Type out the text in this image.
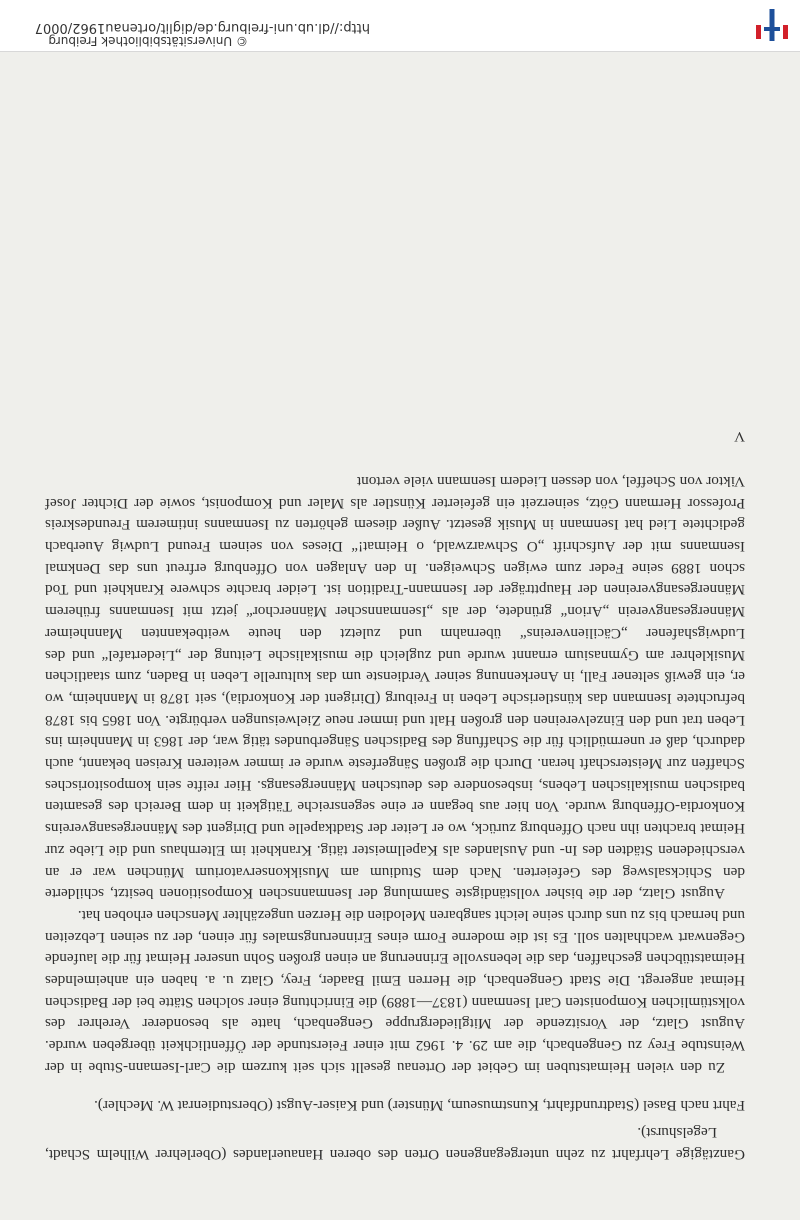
Ganztägige Lehrfahrt zu zehn untergegangenen Orten des oberen Hanauerlandes (Oberlehrer Wilhelm Schadt, Legelshurst).

Fahrt nach Basel (Stadtrundfahrt, Kunstmuseum, Münster) und Kaiser-Augst (Oberstudienrat W. Mechler).

Zu den vielen Heimatstuben im Gebiet der Ortenau gesellt sich seit kurzem die Carl-Isemann-Stube in der Weinstube Frey zu Gengenbach, die am 29. 4. 1962 mit einer Feierstunde der Öffentlichkeit übergeben wurde. August Glatz, der Vorsitzende der Mitgliedergruppe Gengenbach, hatte als besonderer Verehrer des volkstümlichen Komponisten Carl Isenmann (1837—1889) die Einrichtung einer solchen Stätte bei der Badischen Heimat angeregt. Die Stadt Gengenbach, die Herren Emil Baader, Frey, Glatz u. a. haben ein anheimelndes Heimatstübchen geschaffen, das die lebensvolle Erinnerung an einen großen Sohn unserer Heimat für die laufende Gegenwart wachhalten soll. Es ist die moderne Form eines Erinnerungsmales für einen, der zu seinen Lebzeiten und hernach bis zu uns durch seine leicht sangbaren Melodien die Herzen ungezählter Menschen erhoben hat.

August Glatz, der die bisher vollständigste Sammlung der Isenmannschen Kompositionen besitzt, schilderte den Schicksalsweg des Gefeierten. Nach dem Studium am Musikkonservatorium München war er an verschiedenen Städten des In- und Auslandes als Kapellmeister tätig. Krankheit im Elternhaus und die Liebe zur Heimat brachten ihn nach Offenburg zurück, wo er Leiter der Stadtkapelle und Dirigent des Männergesangvereins Konkordia-Offenburg wurde. Von hier aus begann er eine segensreiche Tätigkeit in dem Bereich des gesamten badischen musikalischen Lebens, insbesondere des deutschen Männergesangs. Hier reifte sein kompositorisches Schaffen zur Meisterschaft heran. Durch die großen Sängerfeste wurde er immer weiteren Kreisen bekannt, auch dadurch, daß er unermüdlich für die Schaffung des Badischen Sängerbundes tätig war, der 1863 in Mannheim ins Leben trat und den Einzelvereinen den großen Halt und immer neue Zielweisungen verbürgte. Von 1865 bis 1878 befruchtete Isenmann das künstlerische Leben in Freiburg (Dirigent der Konkordia), seit 1878 in Mannheim, wo er, ein gewiß seltener Fall, in Anerkennung seiner Verdienste um das kulturelle Leben in Baden, zum staatlichen Musiklehrer am Gymnasium ernannt wurde und zugleich die musikalische Leitung der „Liedertafel“ und des Ludwigshafener „Cäcilienvereins“ übernahm und zuletzt den heute weitbekannten Mannheimer Männergesangverein „Arion“ gründete, der als „Isenmannscher Männerchor“ jetzt mit Isenmanns früherem Männergesangvereinen der Hauptträger der Isenmann-Tradition ist. Leider brachte schwere Krankheit und Tod schon 1889 seine Feder zum ewigen Schweigen. In den Anlagen von Offenburg erfreut uns das Denkmal Isenmanns mit der Aufschrift „O Schwarzwald, o Heimat!“ Dieses von seinem Freund Ludwig Auerbach gedichtete Lied hat Isenmann in Musik gesetzt. Außer diesem gehörten zu Isenmanns intimerem Freundeskreis Professor Hermann Götz, seinerzeit ein gefeierter Künstler als Maler und Komponist, sowie der Dichter Josef Viktor von Scheffel, von dessen Liedern Isenmann viele vertont

V

http://dl.ub.uni-freiburg.de/diglit/ortenau1962/0007
© Universitätsbibliothek Freiburg
